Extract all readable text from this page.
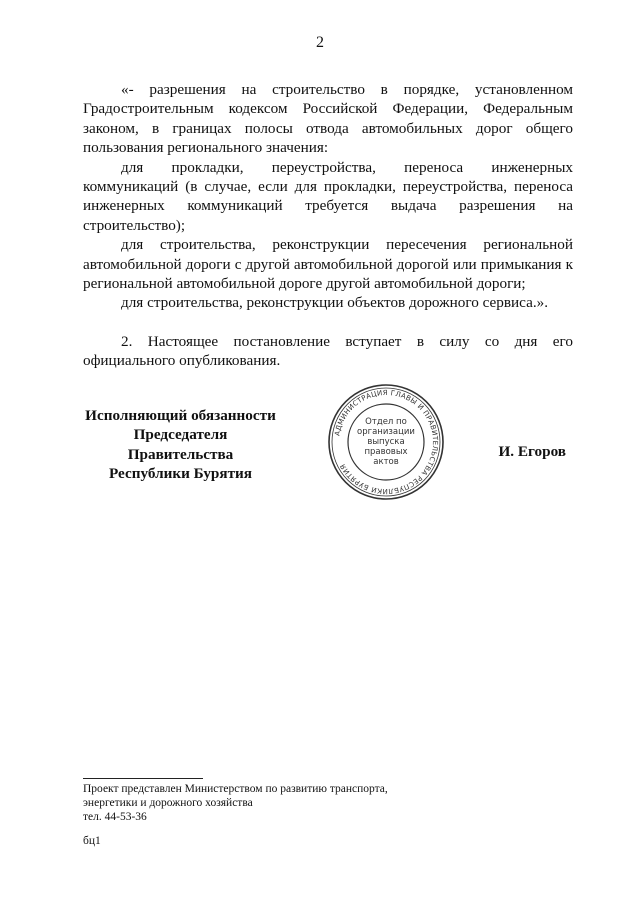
2

«- разрешения на строительство в порядке, установленном Градостроительным кодексом Российской Федерации, Федеральным законом, в границах полосы отвода автомобильных дорог общего пользования регионального значения:

для прокладки, переустройства, переноса инженерных коммуникаций (в случае, если для прокладки, переустройства, переноса инженерных коммуникаций требуется выдача разрешения на строительство);

для строительства, реконструкции пересечения региональной автомобильной дороги с другой автомобильной дорогой или примыкания к региональной автомобильной дороге другой автомобильной дороги;

для строительства, реконструкции объектов дорожного сервиса.».

2. Настоящее постановление вступает в силу со дня его официального опубликования.

Исполняющий обязанности
Председателя Правительства
Республики Бурятия
АДМИНИСТРАЦИЯ ГЛАВЫ И ПРАВИТЕЛЬСТВА РЕСПУБЛИКИ БУРЯТИЯ
Отдел по
организации
выпуска
правовых
актов
И. Егоров
Проект представлен Министерством по развитию транспорта,
энергетики и дорожного хозяйства
тел. 44-53-36
бц1
